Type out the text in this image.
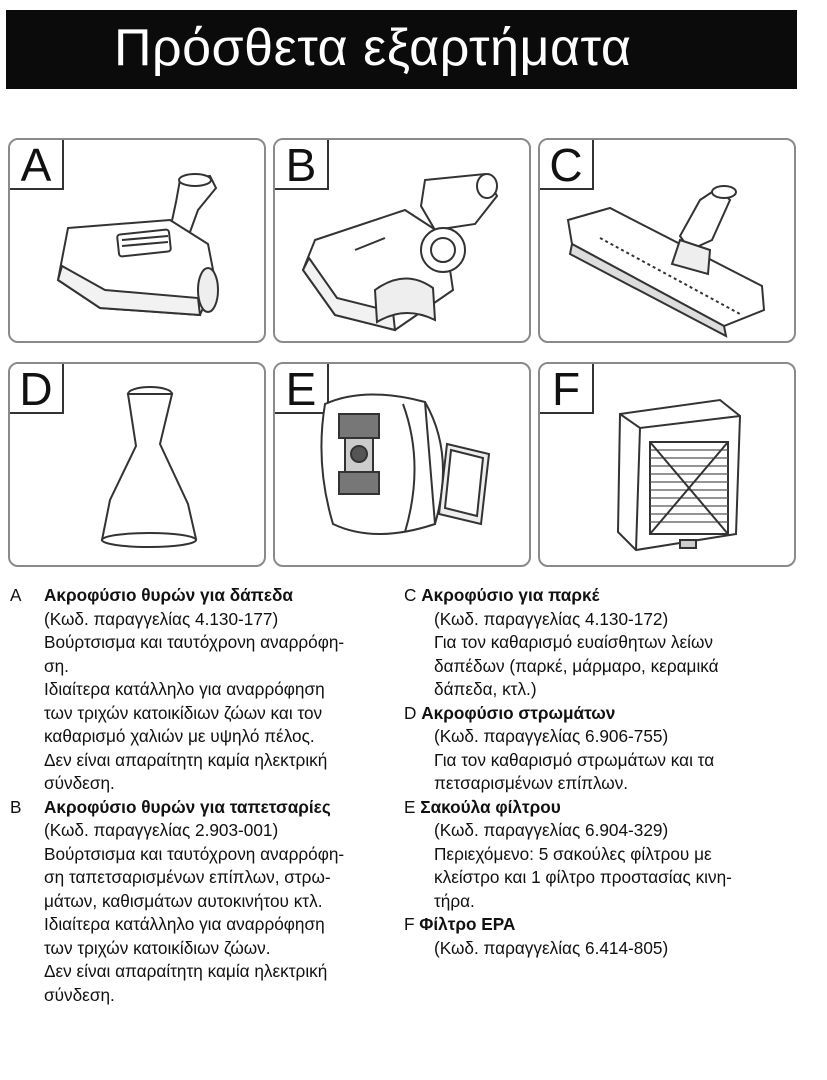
Πρόσθετα εξαρτήματα
A	B	C
D	E	F
A Ακροφύσιο θυρών για δάπεδα
(Κωδ. παραγγελίας 4.130-177)
Βούρτσισμα και ταυτόχρονη αναρρόφη-
ση.
Ιδιαίτερα κατάλληλο για αναρρόφηση
των τριχών κατοικίδιων ζώων και τον
καθαρισμό χαλιών με υψηλό πέλος.
Δεν είναι απαραίτητη καμία ηλεκτρική
σύνδεση.
B Ακροφύσιο θυρών για ταπετσαρίες
(Κωδ. παραγγελίας 2.903-001)
Βούρτσισμα και ταυτόχρονη αναρρόφη-
ση ταπετσαρισμένων επίπλων, στρω-
μάτων, καθισμάτων αυτοκινήτου κτλ.
Ιδιαίτερα κατάλληλο για αναρρόφηση
των τριχών κατοικίδιων ζώων.
Δεν είναι απαραίτητη καμία ηλεκτρική
σύνδεση.
C Ακροφύσιο για παρκέ
(Κωδ. παραγγελίας 4.130-172)
Για τον καθαρισμό ευαίσθητων λείων
δαπέδων (παρκέ, μάρμαρο, κεραμικά
δάπεδα, κτλ.)
D Ακροφύσιο στρωμάτων
(Κωδ. παραγγελίας 6.906-755)
Για τον καθαρισμό στρωμάτων και τα
πετσαρισμένων επίπλων.
E Σακούλα φίλτρου
(Κωδ. παραγγελίας 6.904-329)
Περιεχόμενο: 5 σακούλες φίλτρου με
κλείστρο και 1 φίλτρο προστασίας κινη-
τήρα.
F Φίλτρο ΕΡΑ
(Κωδ. παραγγελίας 6.414-805)
